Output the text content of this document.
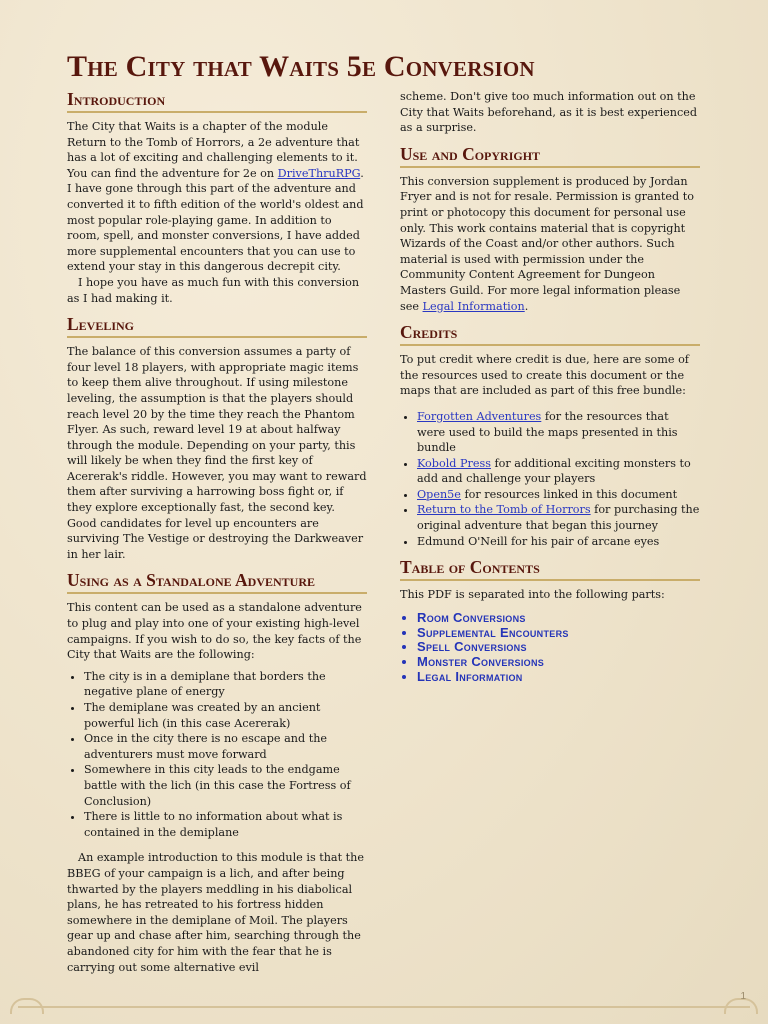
The City that Waits 5e Conversion
Introduction

The City that Waits is a chapter of the module Return to the Tomb of Horrors, a 2e adventure that has a lot of exciting and challenging elements to it. You can find the adventure for 2e on DriveThruRPG. I have gone through this part of the adventure and converted it to fifth edition of the world's oldest and most popular role-playing game. In addition to room, spell, and monster conversions, I have added more supplemental encounters that you can use to extend your stay in this dangerous decrepit city.

I hope you have as much fun with this conversion as I had making it.

Leveling

The balance of this conversion assumes a party of four level 18 players, with appropriate magic items to keep them alive throughout. If using milestone leveling, the assumption is that the players should reach level 20 by the time they reach the Phantom Flyer. As such, reward level 19 at about halfway through the module. Depending on your party, this will likely be when they find the first key of Acererak's riddle. However, you may want to reward them after surviving a harrowing boss fight or, if they explore exceptionally fast, the second key. Good candidates for level up encounters are surviving The Vestige or destroying the Darkweaver in her lair.

Using as a Standalone Adventure

This content can be used as a standalone adventure to plug and play into one of your existing high-level campaigns. If you wish to do so, the key facts of the City that Waits are the following:

• The city is in a demiplane that borders the negative plane of energy
• The demiplane was created by an ancient powerful lich (in this case Acererak)
• Once in the city there is no escape and the adventurers must move forward
• Somewhere in this city leads to the endgame battle with the lich (in this case the Fortress of Conclusion)
• There is little to no information about what is contained in the demiplane

An example introduction to this module is that the BBEG of your campaign is a lich, and after being thwarted by the players meddling in his diabolical plans, he has retreated to his fortress hidden somewhere in the demiplane of Moil. The players gear up and chase after him, searching through the abandoned city for him with the fear that he is carrying out some alternative evil

scheme. Don't give too much information out on the City that Waits beforehand, as it is best experienced as a surprise.

Use and Copyright

This conversion supplement is produced by Jordan Fryer and is not for resale. Permission is granted to print or photocopy this document for personal use only. This work contains material that is copyright Wizards of the Coast and/or other authors. Such material is used with permission under the Community Content Agreement for Dungeon Masters Guild. For more legal information please see Legal Information.

Credits

To put credit where credit is due, here are some of the resources used to create this document or the maps that are included as part of this free bundle:

• Forgotten Adventures for the resources that were used to build the maps presented in this bundle
• Kobold Press for additional exciting monsters to add and challenge your players
• Open5e for resources linked in this document
• Return to the Tomb of Horrors for purchasing the original adventure that began this journey
• Edmund O'Neill for his pair of arcane eyes
Table of Contents

This PDF is separated into the following parts:

• Room Conversions
• Supplemental Encounters
• Spell Conversions
• Monster Conversions
• Legal Information
1
